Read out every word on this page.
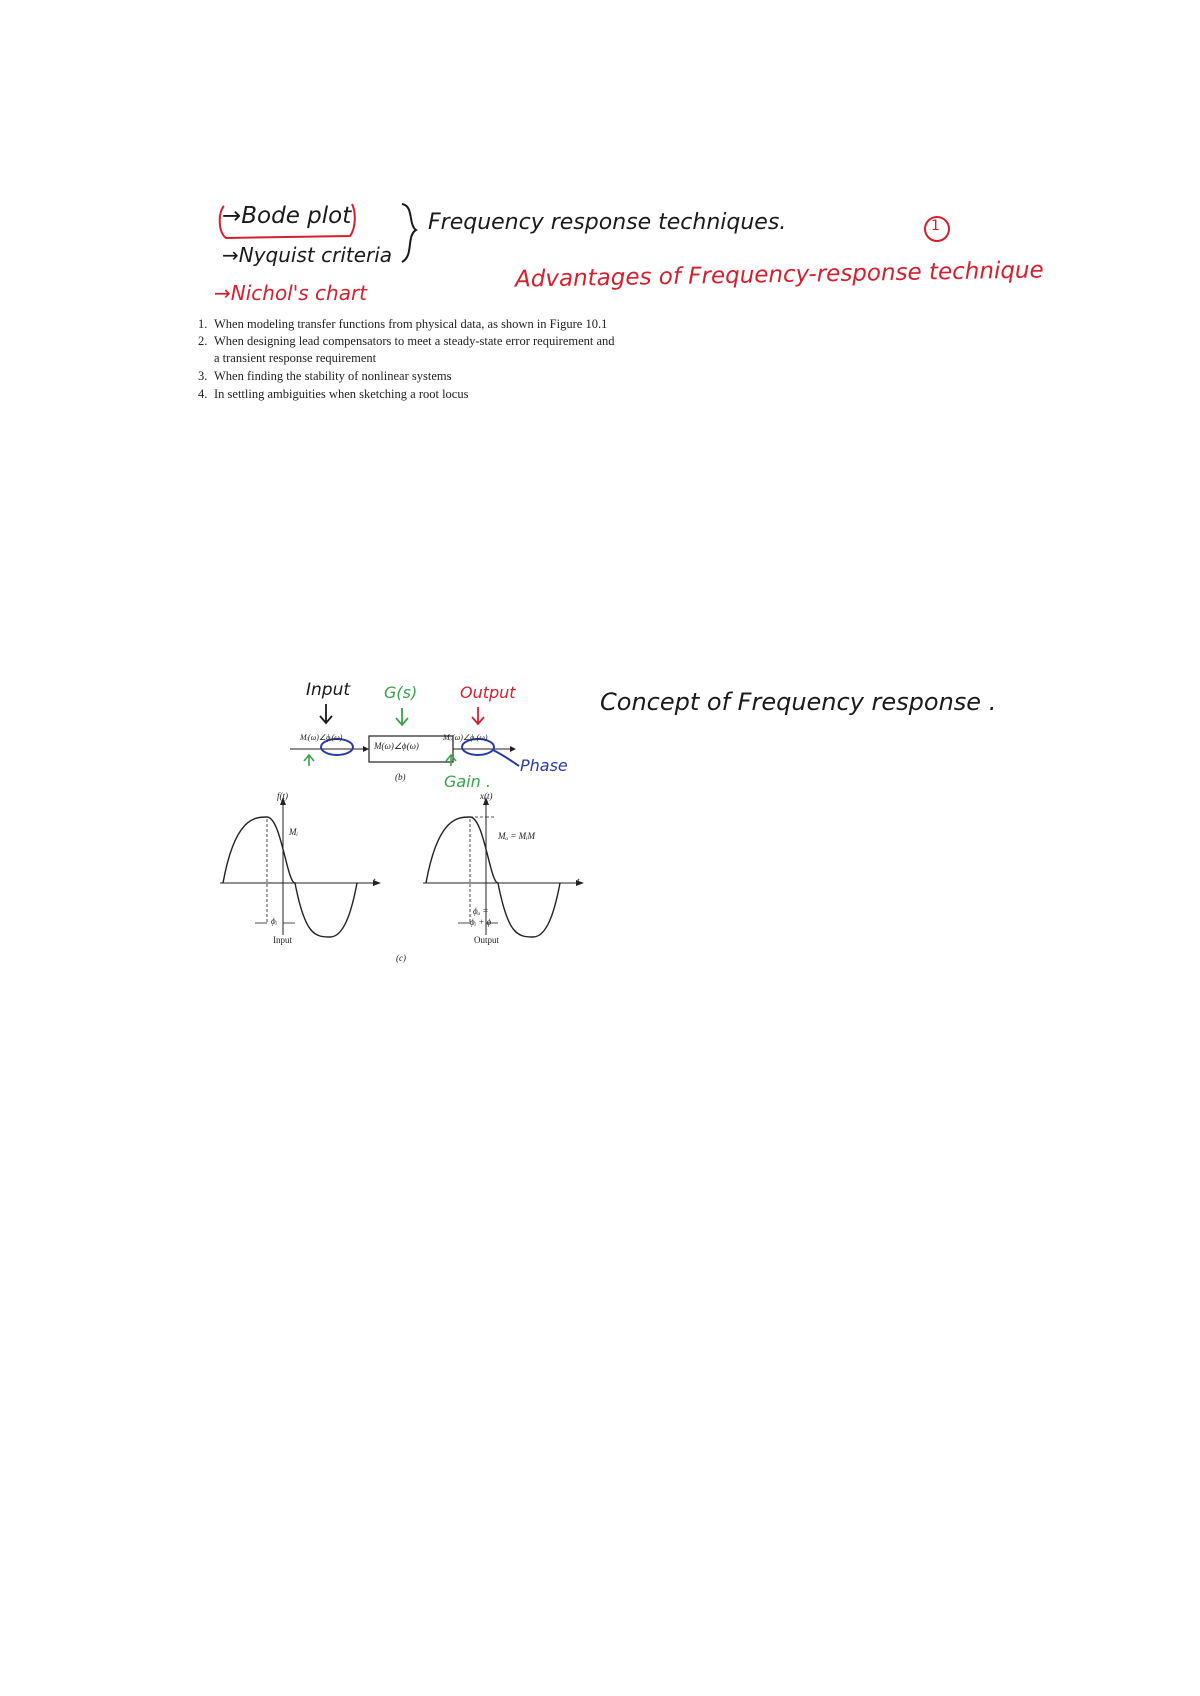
→Bode plot	Frequency response techniques.	1
→Nyquist criteria
→Nichol's chart
Advantages of Frequency-response technique
1. When modeling transfer functions from physical data, as shown in Figure 10.1
2. When designing lead compensators to meet a steady-state error requirement and
a transient response requirement
3. When finding the stability of nonlinear systems
4. In settling ambiguities when sketching a root locus
Concept of Frequency response .
Input G(s)	Output
Mᵢ(ω)∠ϕᵢ(ω)
M(ω)∠ϕ(ω)
Mₒ(ω)∠ϕₒ(ω)
(b)
Phase
Gain .
f(t)
Mᵢ
t
ϕᵢ
Input
x(t)
Mₒ = MᵢM
t
ϕₒ =
ϕᵢ + ϕ
Output
(c)
